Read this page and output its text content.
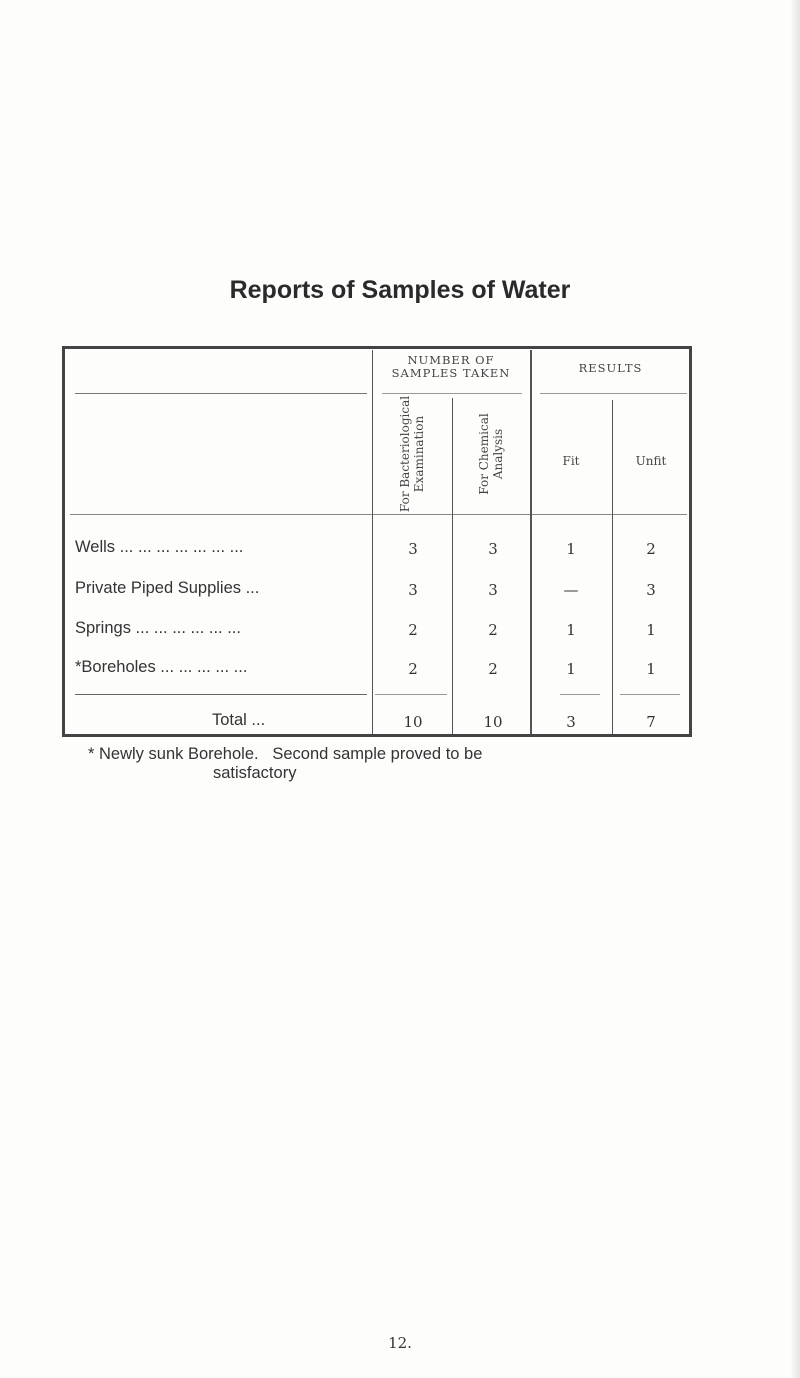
Reports of Samples of Water
NUMBER OF SAMPLES TAKEN	RESULTS
For Bacteriological Examination	For Chemical Analysis	Fit	Unfit
Wells ... ... ... ... ... ... ...	3	3	1	2
Private Piped Supplies ...	3	3	—	3
Springs ... ... ... ... ... ...	2	2	1	1
*Boreholes ... ... ... ... ...	2	2	1	1
Total ...	10	10	3	7
* Newly sunk Borehole.   Second sample proved to be
satisfactory
12.
